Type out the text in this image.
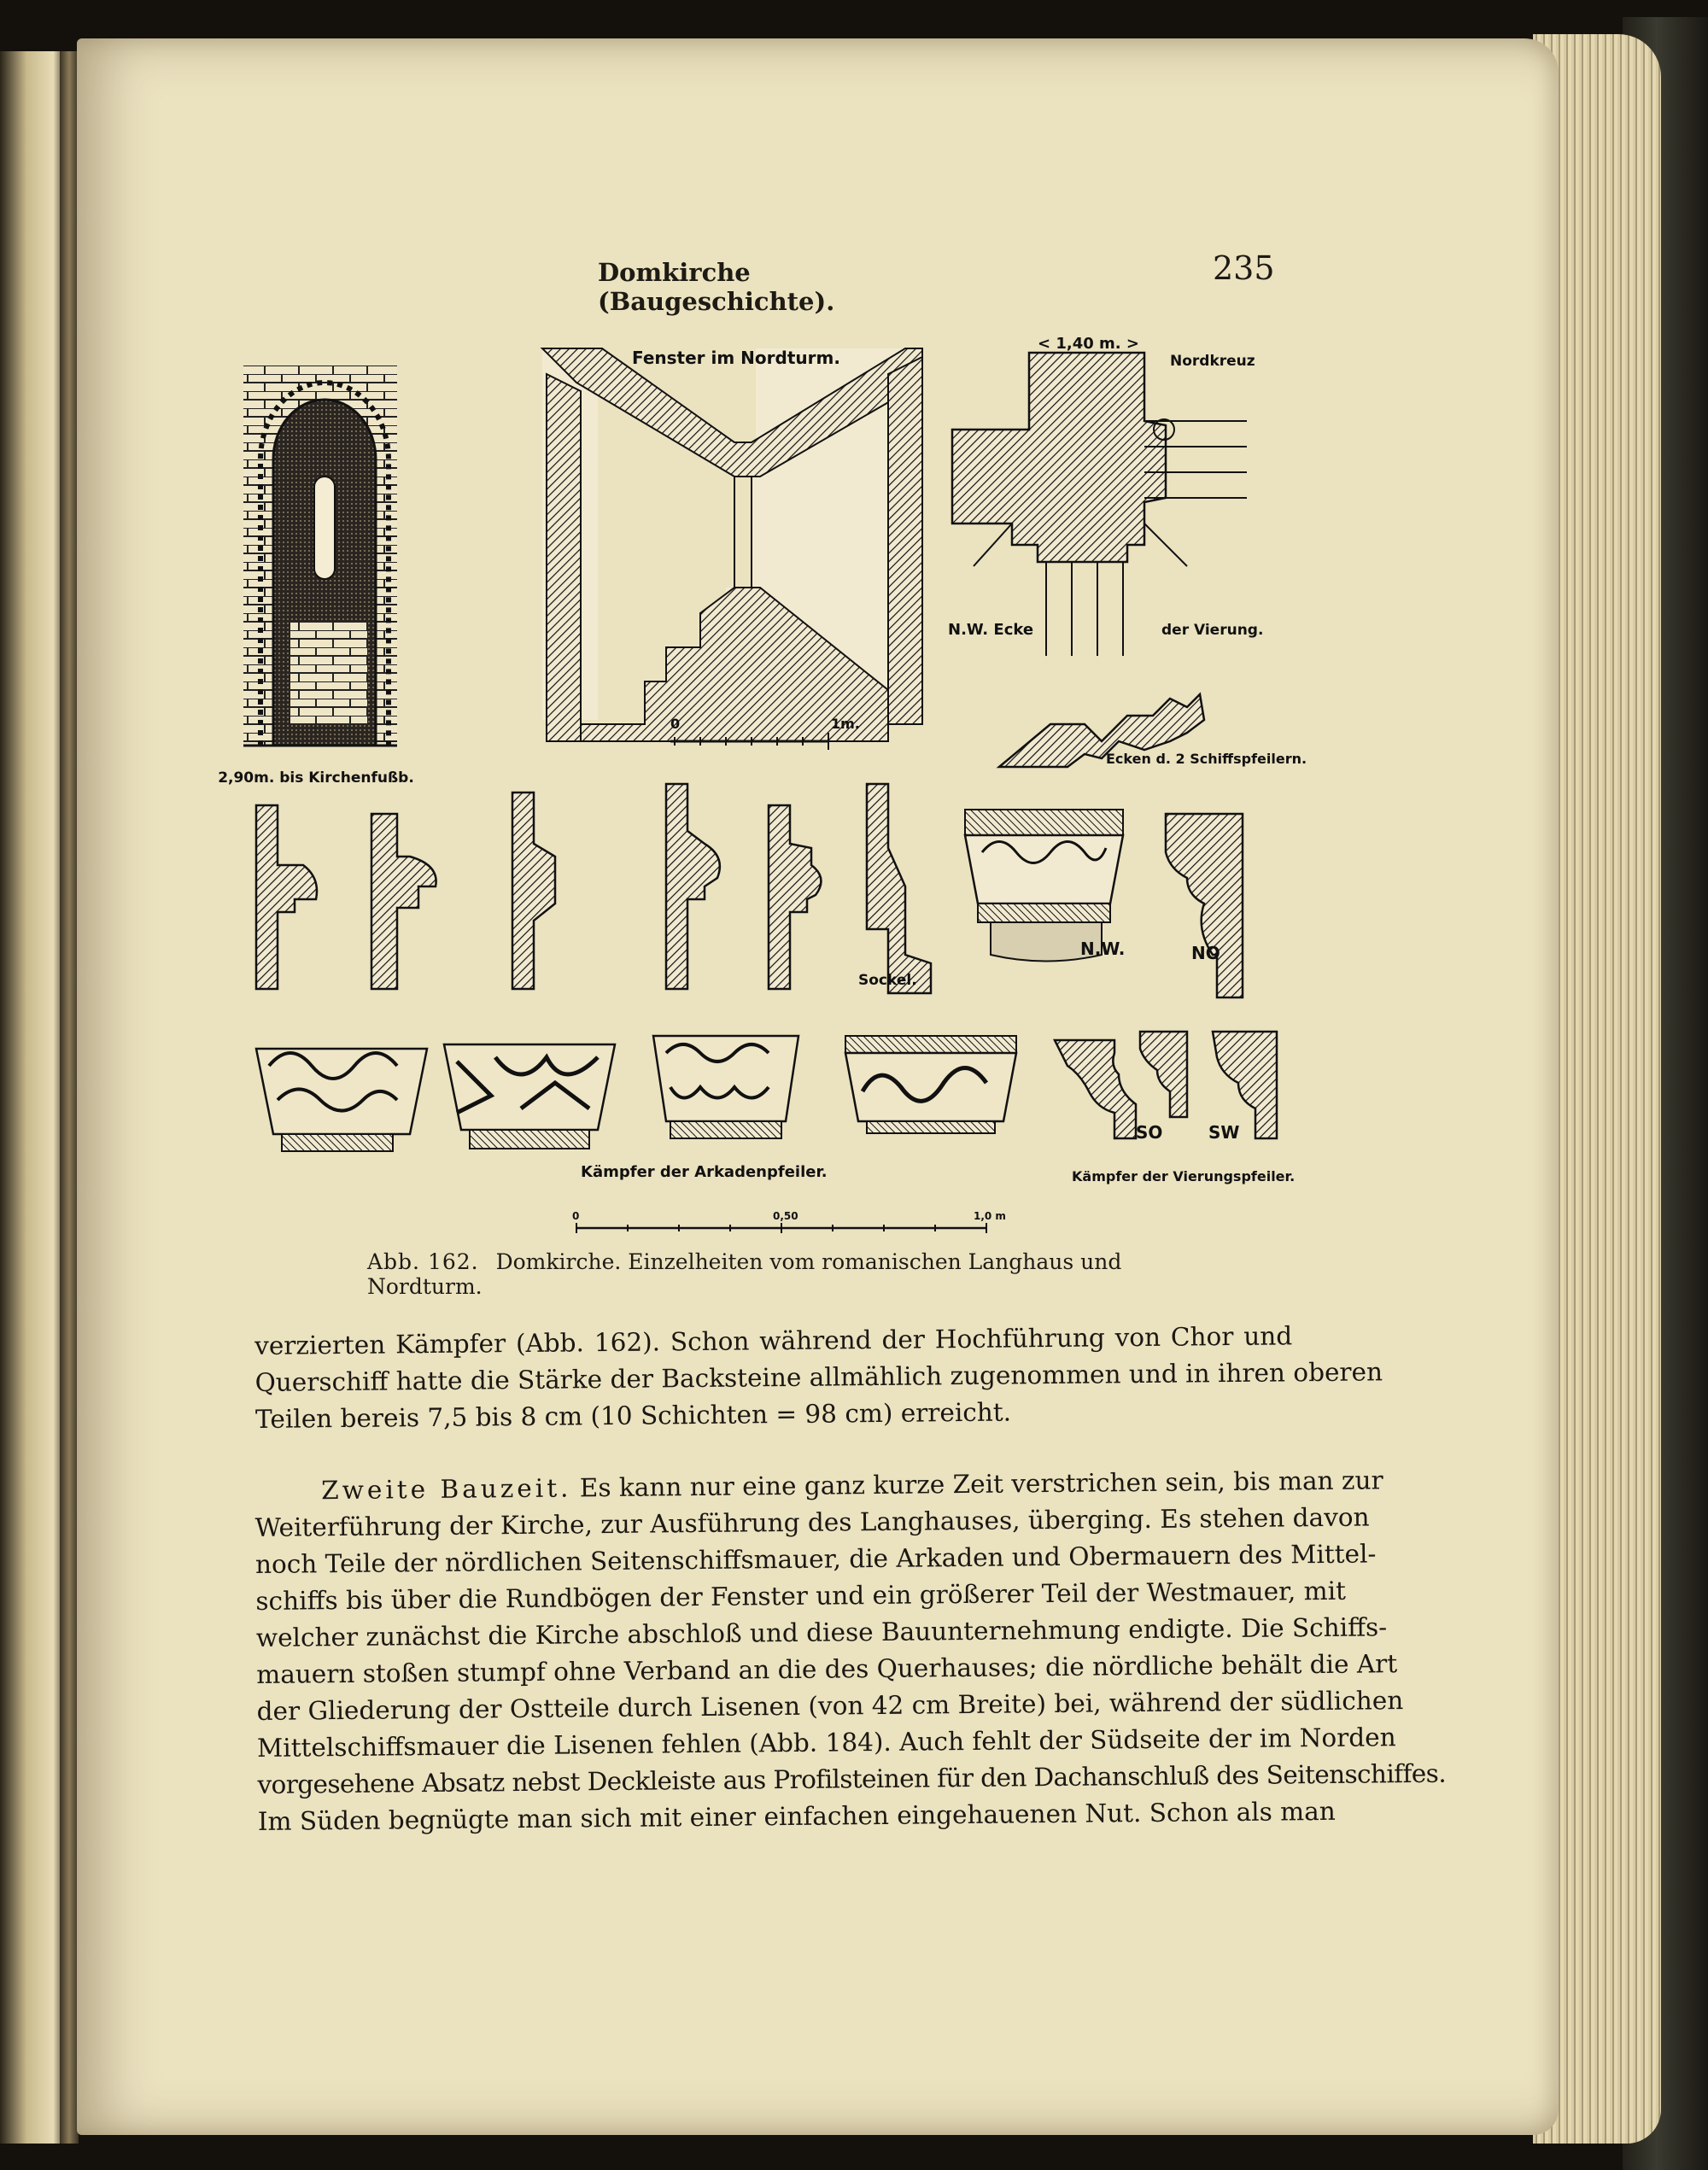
Domkirche (Baugeschichte).
235
2,90m. bis Kirchenfußb.
Fenster im Nordturm.
1m.
0
< 1,40 m. >
Nordkreuz
N.W. Ecke	der Vierung.
Ecken d. 2 Schiffspfeilern.
Sockel.
N.W.	NO
Kämpfer der Arkadenpfeiler.
SO	SW
Kämpfer der Vierungspfeiler.
0	0,50	1,0 m
Abb. 162. Domkirche. Einzelheiten vom romanischen Langhaus und Nordturm.
verzierten Kämpfer (Abb. 162). Schon während der Hochführung von Chor und
Querschiff hatte die Stärke der Backsteine allmählich zugenommen und in ihren oberen
Teilen bereis 7,5 bis 8 cm (10 Schichten = 98 cm) erreicht.
Zweite Bauzeit. Es kann nur eine ganz kurze Zeit verstrichen sein, bis man zur
Weiterführung der Kirche, zur Ausführung des Langhauses, überging. Es stehen davon
noch Teile der nördlichen Seitenschiffsmauer, die Arkaden und Obermauern des Mittel-
schiffs bis über die Rundbögen der Fenster und ein größerer Teil der Westmauer, mit
welcher zunächst die Kirche abschloß und diese Bauunternehmung endigte. Die Schiffs-
mauern stoßen stumpf ohne Verband an die des Querhauses; die nördliche behält die Art
der Gliederung der Ostteile durch Lisenen (von 42 cm Breite) bei, während der südlichen
Mittelschiffsmauer die Lisenen fehlen (Abb. 184). Auch fehlt der Südseite der im Norden
vorgesehene Absatz nebst Deckleiste aus Profilsteinen für den Dachanschluß des Seitenschiffes.
Im Süden begnügte man sich mit einer einfachen eingehauenen Nut. Schon als man
